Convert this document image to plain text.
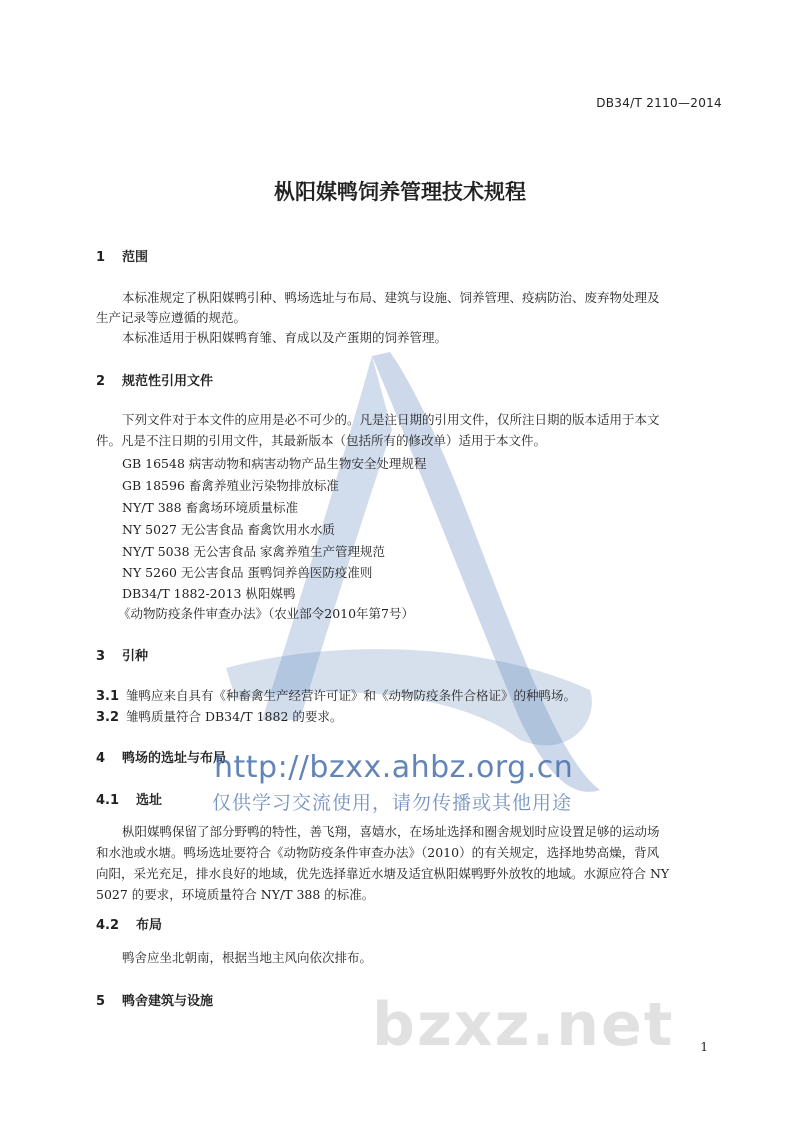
DB34/T 2110—2014
枞阳媒鸭饲养管理技术规程
1 范围
本标准规定了枞阳媒鸭引种、鸭场选址与布局、建筑与设施、饲养管理、疫病防治、废弃物处理及
生产记录等应遵循的规范。
本标准适用于枞阳媒鸭育雏、育成以及产蛋期的饲养管理。
2 规范性引用文件
下列文件对于本文件的应用是必不可少的。凡是注日期的引用文件，仅所注日期的版本适用于本文
件。凡是不注日期的引用文件，其最新版本（包括所有的修改单）适用于本文件。
GB 16548 病害动物和病害动物产品生物安全处理规程
GB 18596 畜禽养殖业污染物排放标准
NY/T 388 畜禽场环境质量标准
NY 5027 无公害食品 畜禽饮用水水质
NY/T 5038 无公害食品 家禽养殖生产管理规范
NY 5260 无公害食品 蛋鸭饲养兽医防疫准则
DB34/T 1882-2013 枞阳媒鸭
《动物防疫条件审查办法》（农业部令2010年第7号）
3 引种
3.1 雏鸭应来自具有《种畜禽生产经营许可证》和《动物防疫条件合格证》的种鸭场。
3.2 雏鸭质量符合 DB34/T 1882 的要求。
4 鸭场的选址与布局
4.1 选址
枞阳媒鸭保留了部分野鸭的特性，善飞翔，喜嬉水，在场址选择和圈舍规划时应设置足够的运动场
和水池或水塘。鸭场选址要符合《动物防疫条件审查办法》（2010）的有关规定，选择地势高燥，背风
向阳，采光充足，排水良好的地域，优先选择靠近水塘及适宜枞阳媒鸭野外放牧的地域。水源应符合 NY
5027 的要求，环境质量符合 NY/T 388 的标准。
4.2 布局
鸭舍应坐北朝南，根据当地主风向依次排布。
5 鸭舍建筑与设施
1
http://bzxx.ahbz.org.cn
仅供学习交流使用，请勿传播或其他用途
bzxz.net
